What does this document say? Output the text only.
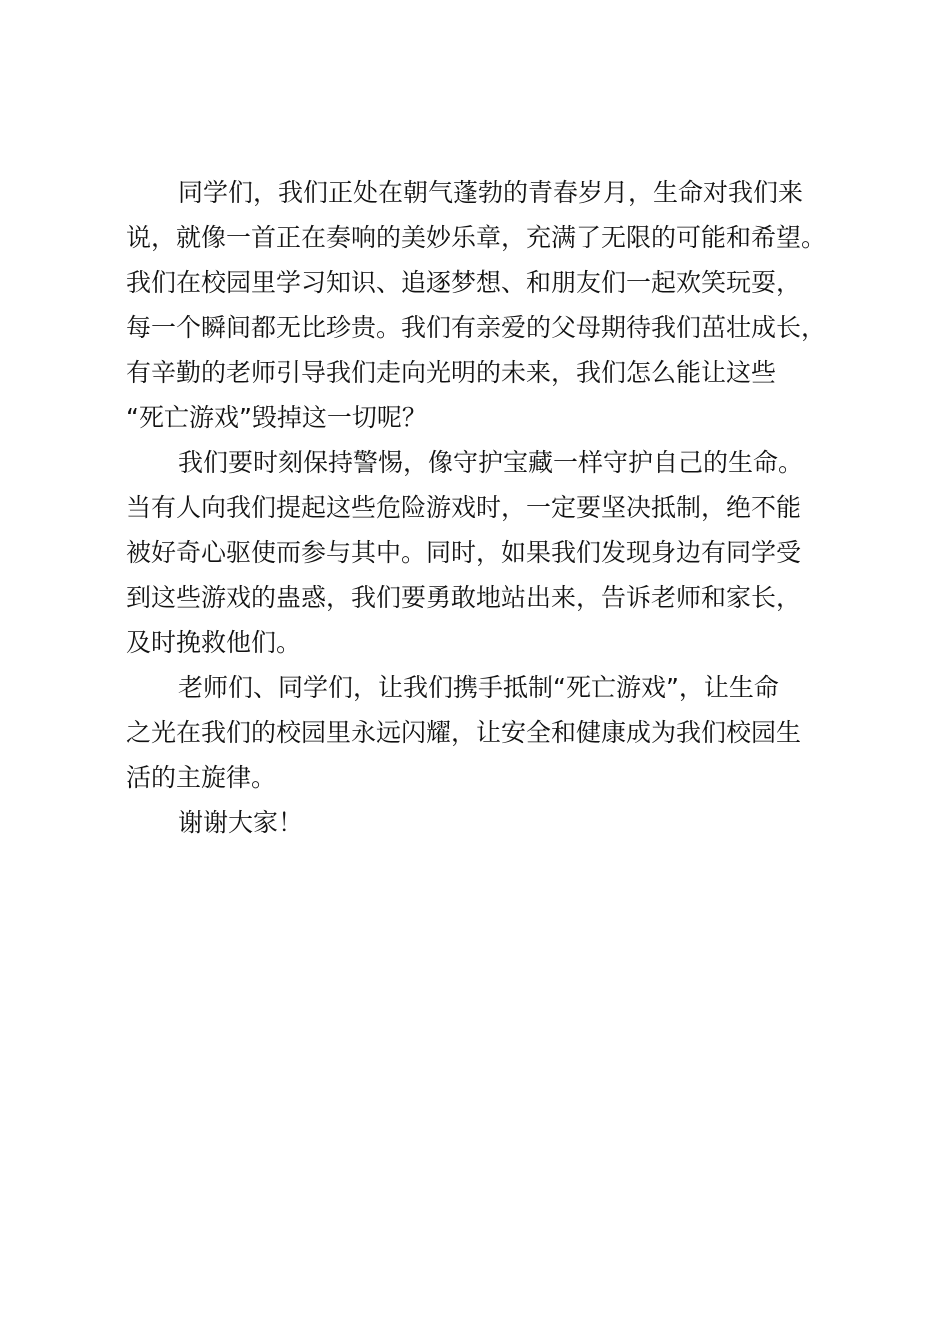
同学们，我们正处在朝气蓬勃的青春岁月，生命对我们来
说，就像一首正在奏响的美妙乐章，充满了无限的可能和希望。
我们在校园里学习知识、追逐梦想、和朋友们一起欢笑玩耍，
每一个瞬间都无比珍贵。我们有亲爱的父母期待我们茁壮成长，
有辛勤的老师引导我们走向光明的未来，我们怎么能让这些
“死亡游戏”毁掉这一切呢？
我们要时刻保持警惕，像守护宝藏一样守护自己的生命。
当有人向我们提起这些危险游戏时，一定要坚决抵制，绝不能
被好奇心驱使而参与其中。同时，如果我们发现身边有同学受
到这些游戏的蛊惑，我们要勇敢地站出来，告诉老师和家长，
及时挽救他们。
老师们、同学们，让我们携手抵制“死亡游戏”，让生命
之光在我们的校园里永远闪耀，让安全和健康成为我们校园生
活的主旋律。
谢谢大家！
